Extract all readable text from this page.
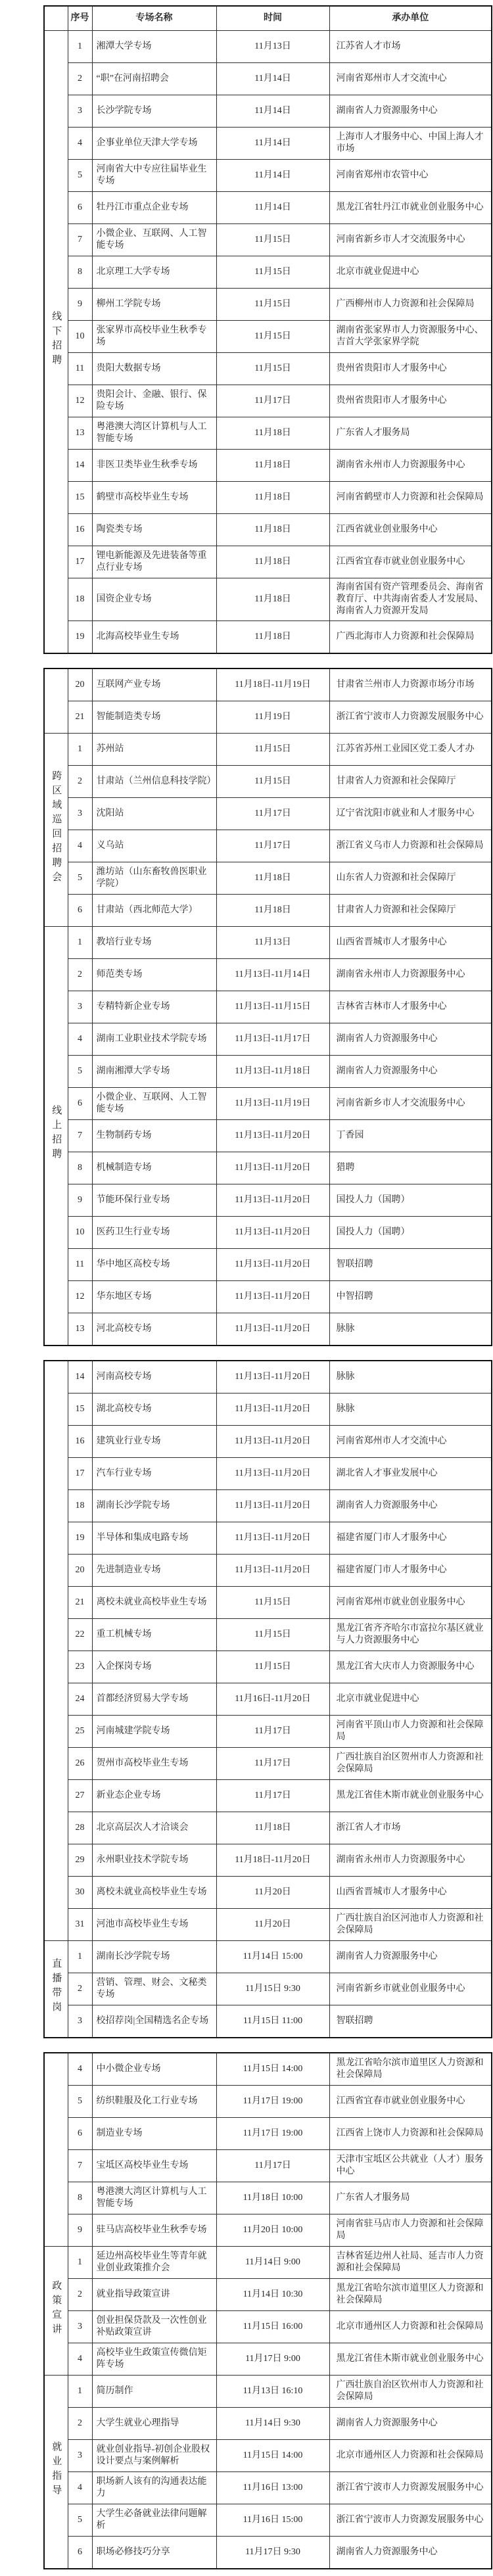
	序号	专场名称	时间	承办单位
线下招聘	1	湘潭大学专场	11月13日	江苏省人才市场
	2	“职”在河南招聘会	11月14日	河南省郑州市人才交流中心
	3	长沙学院专场	11月14日	湖南省人力资源服务中心
	4	企事业单位天津大学专场	11月14日	上海市人才服务中心、中国上海人才市场
	5	河南省大中专应往届毕业生专场	11月14日	河南省郑州市农管中心
	6	牡丹江市重点企业专场	11月14日	黑龙江省牡丹江市就业创业服务中心
	7	小微企业、互联网、人工智能专场	11月15日	河南省新乡市人才交流服务中心
	8	北京理工大学专场	11月15日	北京市就业促进中心
	9	柳州工学院专场	11月15日	广西柳州市人力资源和社会保障局
	10	张家界市高校毕业生秋季专场	11月15日	湖南省张家界市人力资源服务中心、吉首大学张家界学院
	11	贵阳大数据专场	11月15日	贵州省贵阳市人才服务中心
	12	贵阳会计、金融、银行、保险专场	11月17日	贵州省贵阳市人才服务中心
	13	粤港澳大湾区计算机与人工智能专场	11月18日	广东省人才服务局
	14	非医卫类毕业生秋季专场	11月18日	湖南省永州市人力资源服务中心
	15	鹤壁市高校毕业生专场	11月18日	河南省鹤壁市人力资源和社会保障局
	16	陶瓷类专场	11月18日	江西省就业创业服务中心
	17	锂电新能源及先进装备等重点行业专场	11月18日	江西省宜春市就业创业服务中心
	18	国资企业专场	11月18日	海南省国有资产管理委员会、海南省教育厅、中共海南省委人才发展局、海南省人力资源开发局
	19	北海高校毕业生专场	11月18日	广西北海市人力资源和社会保障局
	20	互联网产业专场	11月18日-11月19日	甘肃省兰州市人力资源市场分市场
	21	智能制造类专场	11月19日	浙江省宁波市人力资源发展服务中心
跨区域巡回招聘会	1	苏州站	11月15日	江苏省苏州工业园区党工委人才办
	2	甘肃站（兰州信息科技学院）	11月15日	甘肃省人力资源和社会保障厅
	3	沈阳站	11月17日	辽宁省沈阳市就业和人才服务中心
	4	义乌站	11月17日	浙江省义乌市人力资源和社会保障局
	5	潍坊站（山东畜牧兽医职业学院）	11月18日	山东省人力资源和社会保障厅
	6	甘肃站（西北师范大学）	11月18日	甘肃省人力资源和社会保障厅
线上招聘	1	教培行业专场	11月13日	山西省晋城市人才服务中心
	2	师范类专场	11月13日-11月14日	湖南省永州市人力资源服务中心
	3	专精特新企业专场	11月13日-11月15日	吉林省吉林市人才服务中心
	4	湖南工业职业技术学院专场	11月13日-11月17日	湖南省人力资源服务中心
	5	湖南湘潭大学专场	11月13日-11月18日	湖南省人力资源服务中心
	6	小微企业、互联网、人工智能专场	11月13日-11月19日	河南省新乡市人才交流服务中心
	7	生物制药专场	11月13日-11月20日	丁香园
	8	机械制造专场	11月13日-11月20日	猎聘
	9	节能环保行业专场	11月13日-11月20日	国投人力（国聘）
	10	医药卫生行业专场	11月13日-11月20日	国投人力（国聘）
	11	华中地区高校专场	11月13日-11月20日	智联招聘
	12	华东地区专场	11月13日-11月20日	中智招聘
	13	河北高校专场	11月13日-11月20日	脉脉
	14	河南高校专场	11月13日-11月20日	脉脉
	15	湖北高校专场	11月13日-11月20日	脉脉
	16	建筑业行业专场	11月13日-11月20日	河南省郑州市人才交流中心
	17	汽车行业专场	11月13日-11月20日	湖北省人才事业发展中心
	18	湖南长沙学院专场	11月13日-11月20日	湖南省人力资源服务中心
	19	半导体和集成电路专场	11月13日-11月20日	福建省厦门市人才服务中心
	20	先进制造业专场	11月13日-11月20日	福建省厦门市人才服务中心
	21	离校未就业高校毕业生专场	11月15日	河南省郑州市就业创业服务中心
	22	重工机械专场	11月15日	黑龙江省齐齐哈尔市富拉尔基区就业与人力资源服务中心
	23	入企探岗专场	11月15日	黑龙江省大庆市人力资源服务中心
	24	首都经济贸易大学专场	11月16日-11月20日	北京市就业促进中心
	25	河南城建学院专场	11月17日	河南省平顶山市人力资源和社会保障局
	26	贺州市高校毕业生专场	11月17日	广西壮族自治区贺州市人力资源和社会保障局
	27	新业态企业专场	11月17日	黑龙江省佳木斯市就业创业服务中心
	28	北京高层次人才洽谈会	11月18日	浙江省人才市场
	29	永州职业技术学院专场	11月18日-11月20日	湖南省永州市人力资源服务中心
	30	离校未就业高校毕业生专场	11月20日	山西省晋城市人才服务中心
	31	河池市高校毕业生专场	11月20日	广西壮族自治区河池市人力资源和社会保障局
直播带岗	1	湖南长沙学院专场	11月14日 15:00	湖南省人力资源服务中心
	2	营销、管理、财会、文秘类专场	11月15日 9:30	河南省新乡市就业创业服务中心
	3	校招荐岗|全国精选名企专场	11月15日 11:00	智联招聘
	4	中小微企业专场	11月15日 14:00	黑龙江省哈尔滨市道里区人力资源和社会保障局
	5	纺织鞋服及化工行业专场	11月17日 19:00	江西省宜春市就业创业服务中心
	6	制造业专场	11月17日 19:00	江西省上饶市人力资源和社会保障局
	7	宝坻区高校毕业生专场	11月17日	天津市宝坻区公共就业（人才）服务中心
	8	粤港澳大湾区计算机与人工智能专场	11月18日 10:00	广东省人才服务局
	9	驻马店高校毕业生秋季专场	11月20日 10:00	河南省驻马店市人力资源和社会保障局
政策宣讲	1	延边州高校毕业生等青年就业创业政策推介会	11月14日 9:00	吉林省延边州人社局、延吉市人力资源和社会保障局
	2	就业指导政策宣讲	11月14日 10:30	黑龙江省哈尔滨市道里区人力资源和社会保障局
	3	创业担保贷款及一次性创业补贴政策宣讲	11月15日 16:00	北京市通州区人力资源和社会保障局
	4	高校毕业生政策宣传微信矩阵专场	11月17日 9:00	黑龙江省佳木斯市就业创业服务中心
就业指导	1	简历制作	11月13日 16:10	广西壮族自治区钦州市人力资源和社会保障局
	2	大学生就业心理指导	11月14日 9:30	湖南省人力资源服务中心
	3	就业创业指导-初创企业股权设计要点与案例解析	11月15日 14:00	北京市通州区人力资源和社会保障局
	4	职场新人该有的沟通表达能力	11月16日 13:00	浙江省宁波市人力资源发展服务中心
	5	大学生必备就业法律问题解析	11月16日 15:00	浙江省宁波市人力资源发展服务中心
	6	职场必修技巧分享	11月17日 9:30	湖南省人力资源服务中心
